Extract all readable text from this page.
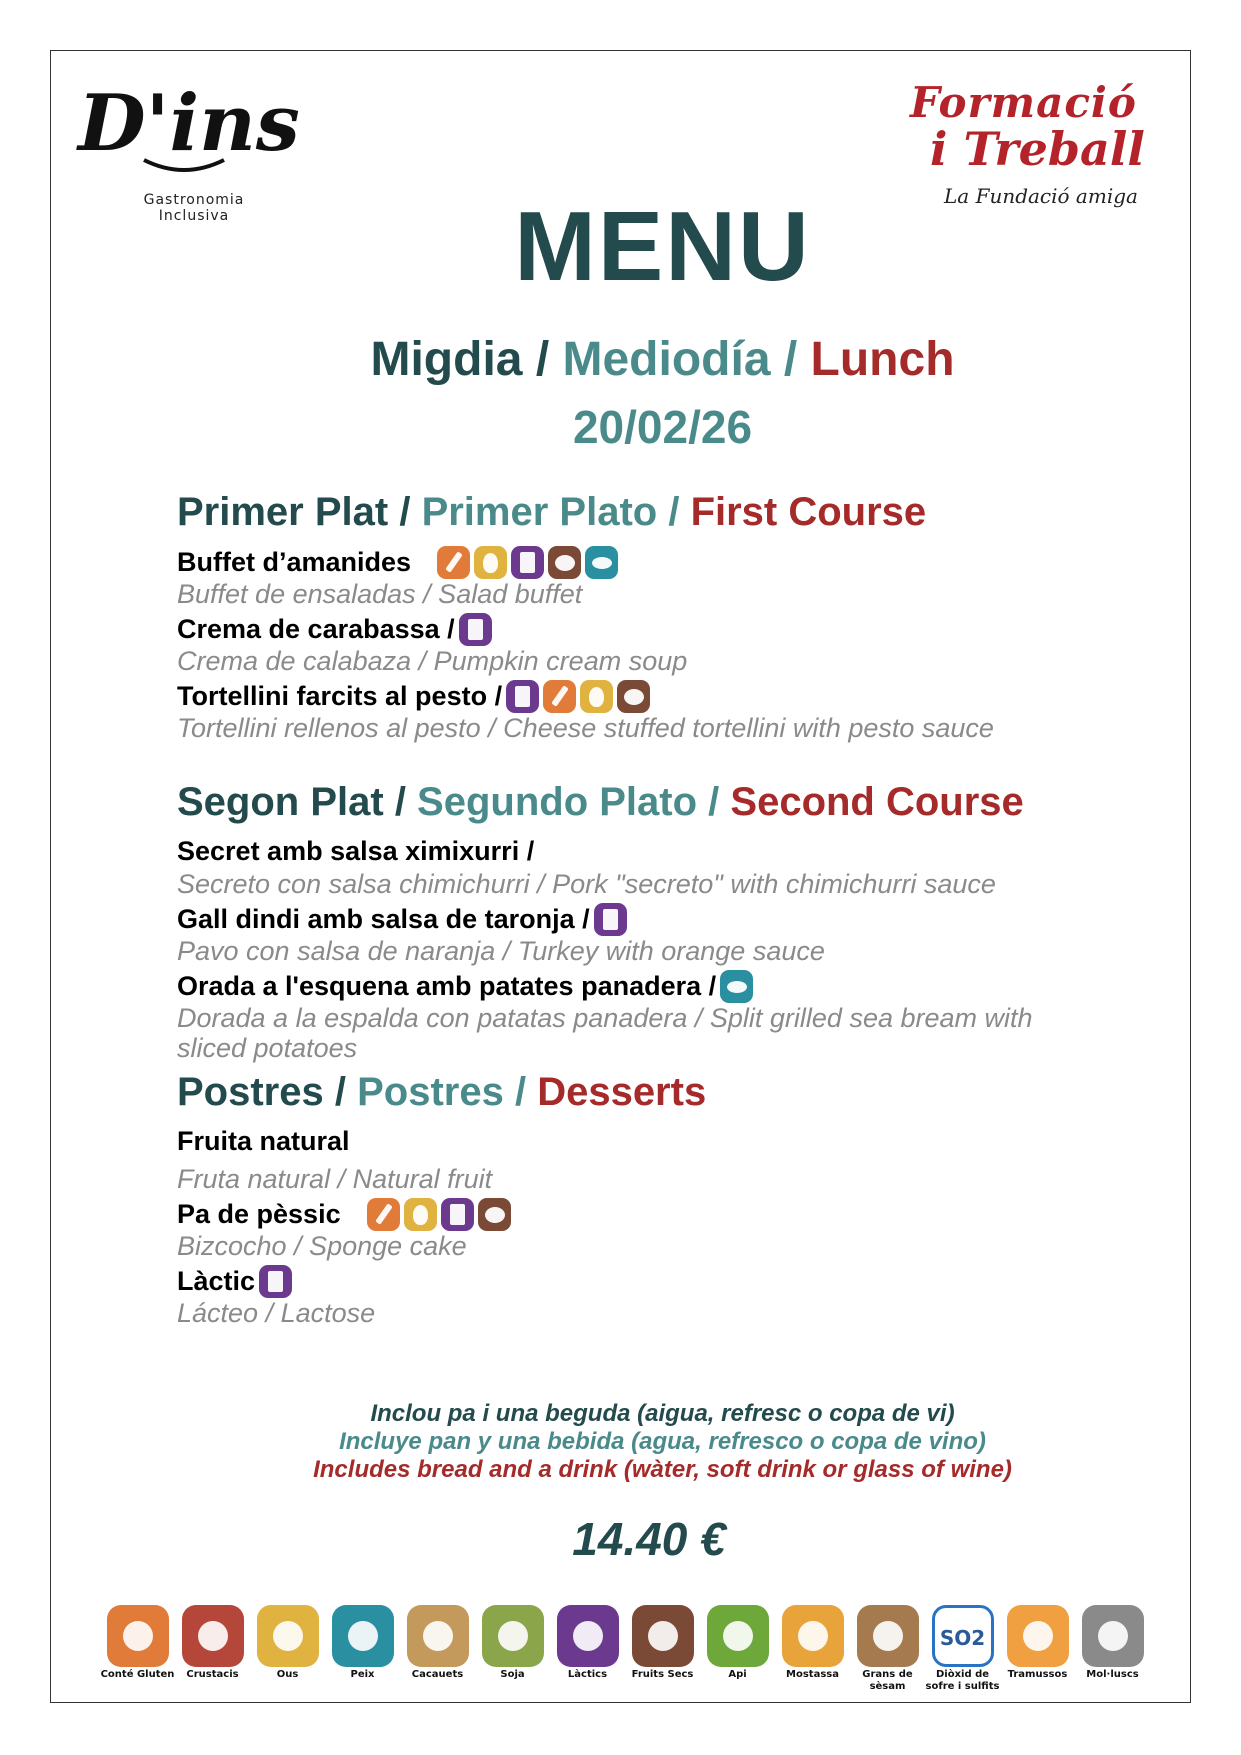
D'ins
Gastronomia
Inclusiva
Formació
i Treball
La Fundació amiga
MENU
Migdia / Mediodía / Lunch
20/02/26
Primer Plat / Primer Plato / First Course
Buffet d’amanides
Buffet de ensaladas / Salad buffet
Crema de carabassa /
Crema de calabaza / Pumpkin cream soup
Tortellini farcits al pesto /
Tortellini rellenos al pesto / Cheese stuffed tortellini with pesto sauce
Segon Plat / Segundo Plato / Second Course
Secret amb salsa ximixurri /
Secreto con salsa chimichurri / Pork "secreto" with chimichurri sauce
Gall dindi amb salsa de taronja /
Pavo con salsa de naranja / Turkey with orange sauce
Orada a l'esquena amb patates panadera /
Dorada a la espalda con patatas panadera / Split grilled sea bream with
sliced potatoes
Postres / Postres / Desserts
Fruita natural
Fruta natural / Natural fruit
Pa de pèssic
Bizcocho / Sponge cake
Làctic
Lácteo / Lactose
Inclou pa i una beguda (aigua, refresc o copa de vi)
Incluye pan y una bebida (agua, refresco o copa de vino)
Includes bread and a drink (wàter, soft drink or glass of wine)
14.40 €
Conté Gluten	Crustacis	Ous	Peix	Cacauets	Soja	Làctics	Fruits Secs	Api	Mostassa	Grans de sèsam
SO2
Diòxid de sofre i sulfits
Tramussos	Mol·luscs
